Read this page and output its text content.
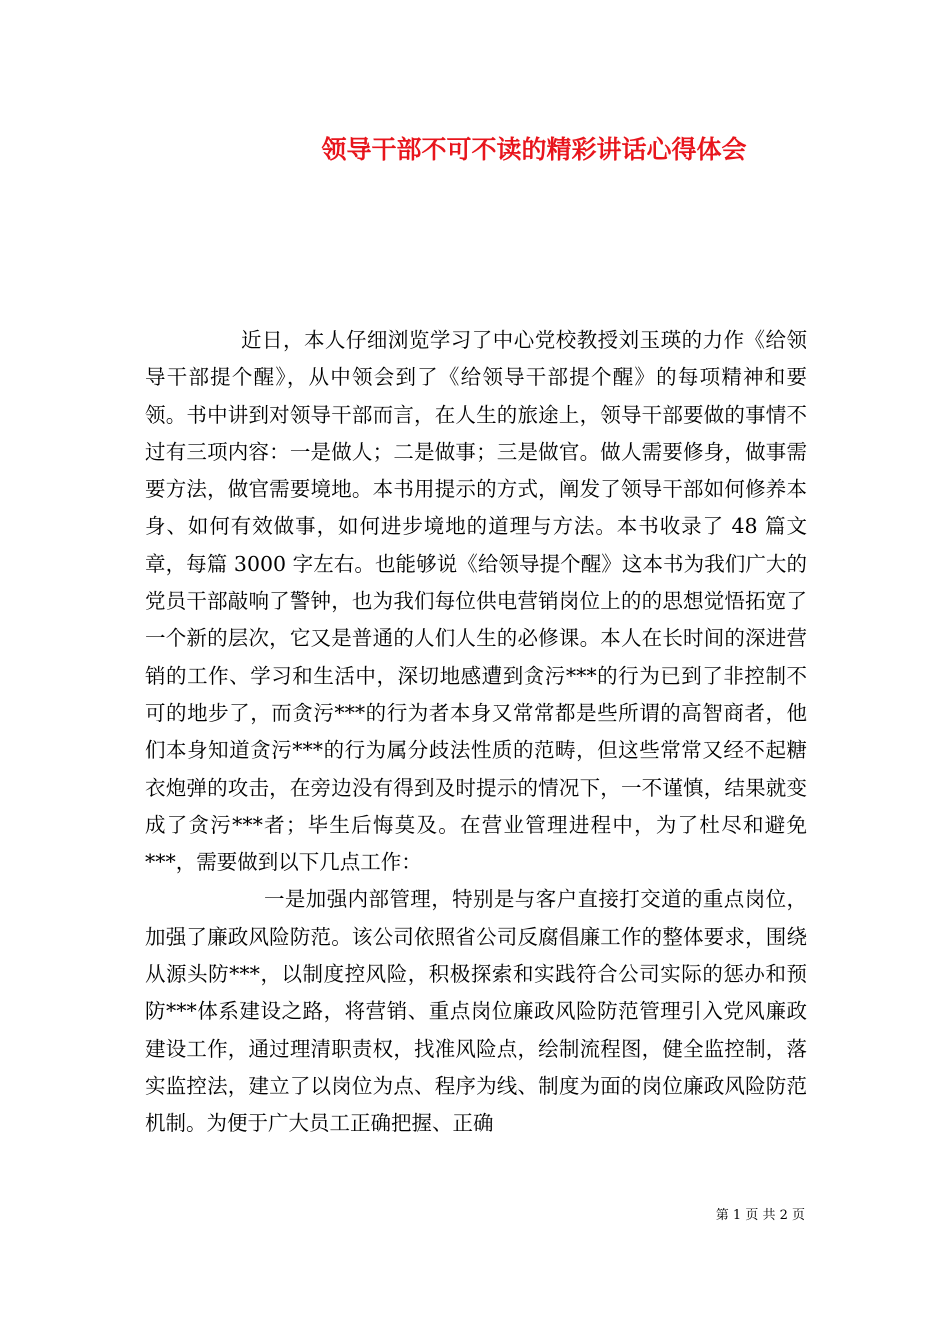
领导干部不可不读的精彩讲话心得体会

近日，本人仔细浏览学习了中心党校教授刘玉瑛的力作《给领导干部提个醒》，从中领会到了《给领导干部提个醒》的每项精神和要领。书中讲到对领导干部而言，在人生的旅途上，领导干部要做的事情不过有三项内容：一是做人；二是做事；三是做官。做人需要修身，做事需要方法，做官需要境地。本书用提示的方式，阐发了领导干部如何修养本身、如何有效做事，如何进步境地的道理与方法。本书收录了 48 篇文章，每篇 3000 字左右。也能够说《给领导提个醒》这本书为我们广大的党员干部敲响了警钟，也为我们每位供电营销岗位上的的思想觉悟拓宽了一个新的层次，它又是普通的人们人生的必修课。本人在长时间的深进营销的工作、学习和生活中，深切地感遭到贪污***的行为已到了非控制不可的地步了，而贪污***的行为者本身又常常都是些所谓的高智商者，他们本身知道贪污***的行为属分歧法性质的范畴，但这些常常又经不起糖衣炮弹的攻击，在旁边没有得到及时提示的情况下，一不谨慎，结果就变成了贪污***者；毕生后悔莫及。在营业管理进程中，为了杜尽和避免***，需要做到以下几点工作：

一是加强内部管理，特别是与客户直接打交道的重点岗位，加强了廉政风险防范。该公司依照省公司反腐倡廉工作的整体要求，围绕从源头防***，以制度控风险，积极探索和实践符合公司实际的惩办和预防***体系建设之路，将营销、重点岗位廉政风险防范管理引入党风廉政建设工作，通过理清职责权，找准风险点，绘制流程图，健全监控制，落实监控法，建立了以岗位为点、程序为线、制度为面的岗位廉政风险防范机制。为便于广大员工正确把握、正确

第 1 页 共 2 页
